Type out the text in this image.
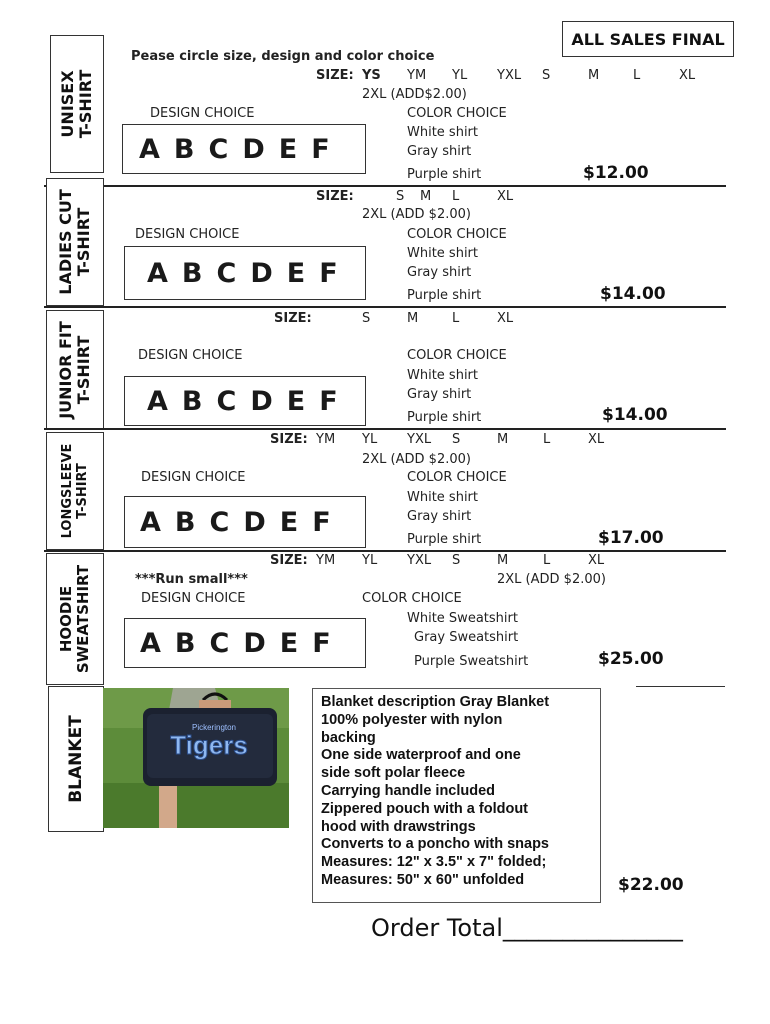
ALL SALES FINAL
Pease circle size, design and color choice
UNISEX T-SHIRT	SIZE: YS YM YL YXL S	M	L	XL
2XL (ADD$2.00)
DESIGN CHOICE	COLOR CHOICE
White shirt
Gray shirt
Purple shirt
A B C D E F
$12.00
LADIES CUT T-SHIRT
SIZE:	S M L	XL
2XL (ADD $2.00)
DESIGN CHOICE	COLOR CHOICE
White shirt
Gray shirt
Purple shirt
A B C D E F
$14.00
JUNIOR FIT T-SHIRT
SIZE:	S	M	L	XL
DESIGN CHOICE	COLOR CHOICE
White shirt
Gray shirt
Purple shirt
A B C D E F	$14.00
LONGSLEEVE T-SHIRT
SIZE: YM YL YXL S	M	L	XL
2XL (ADD $2.00)
DESIGN CHOICE	COLOR CHOICE
White shirt
Gray shirt
Purple shirt
A B C D E F
$17.00
HOODIE SWEATSHIRT
SIZE: YM YL YXL S	M	L	XL
***Run small***	2XL (ADD $2.00)
DESIGN CHOICE	COLOR CHOICE
White Sweatshirt
Gray Sweatshirt
Purple Sweatshirt
A B C D E F
$25.00
BLANKET	Pickerington
Tigers
Blanket description Gray Blanket
100% polyester with nylon
backing
One side waterproof and one
side soft polar fleece
Carrying handle included
Zippered pouch with a foldout
hood with drawstrings
Converts to a poncho with snaps
Measures: 12" x 3.5" x 7" folded;
Measures: 50" x 60" unfolded	$22.00
Order Total_______________
